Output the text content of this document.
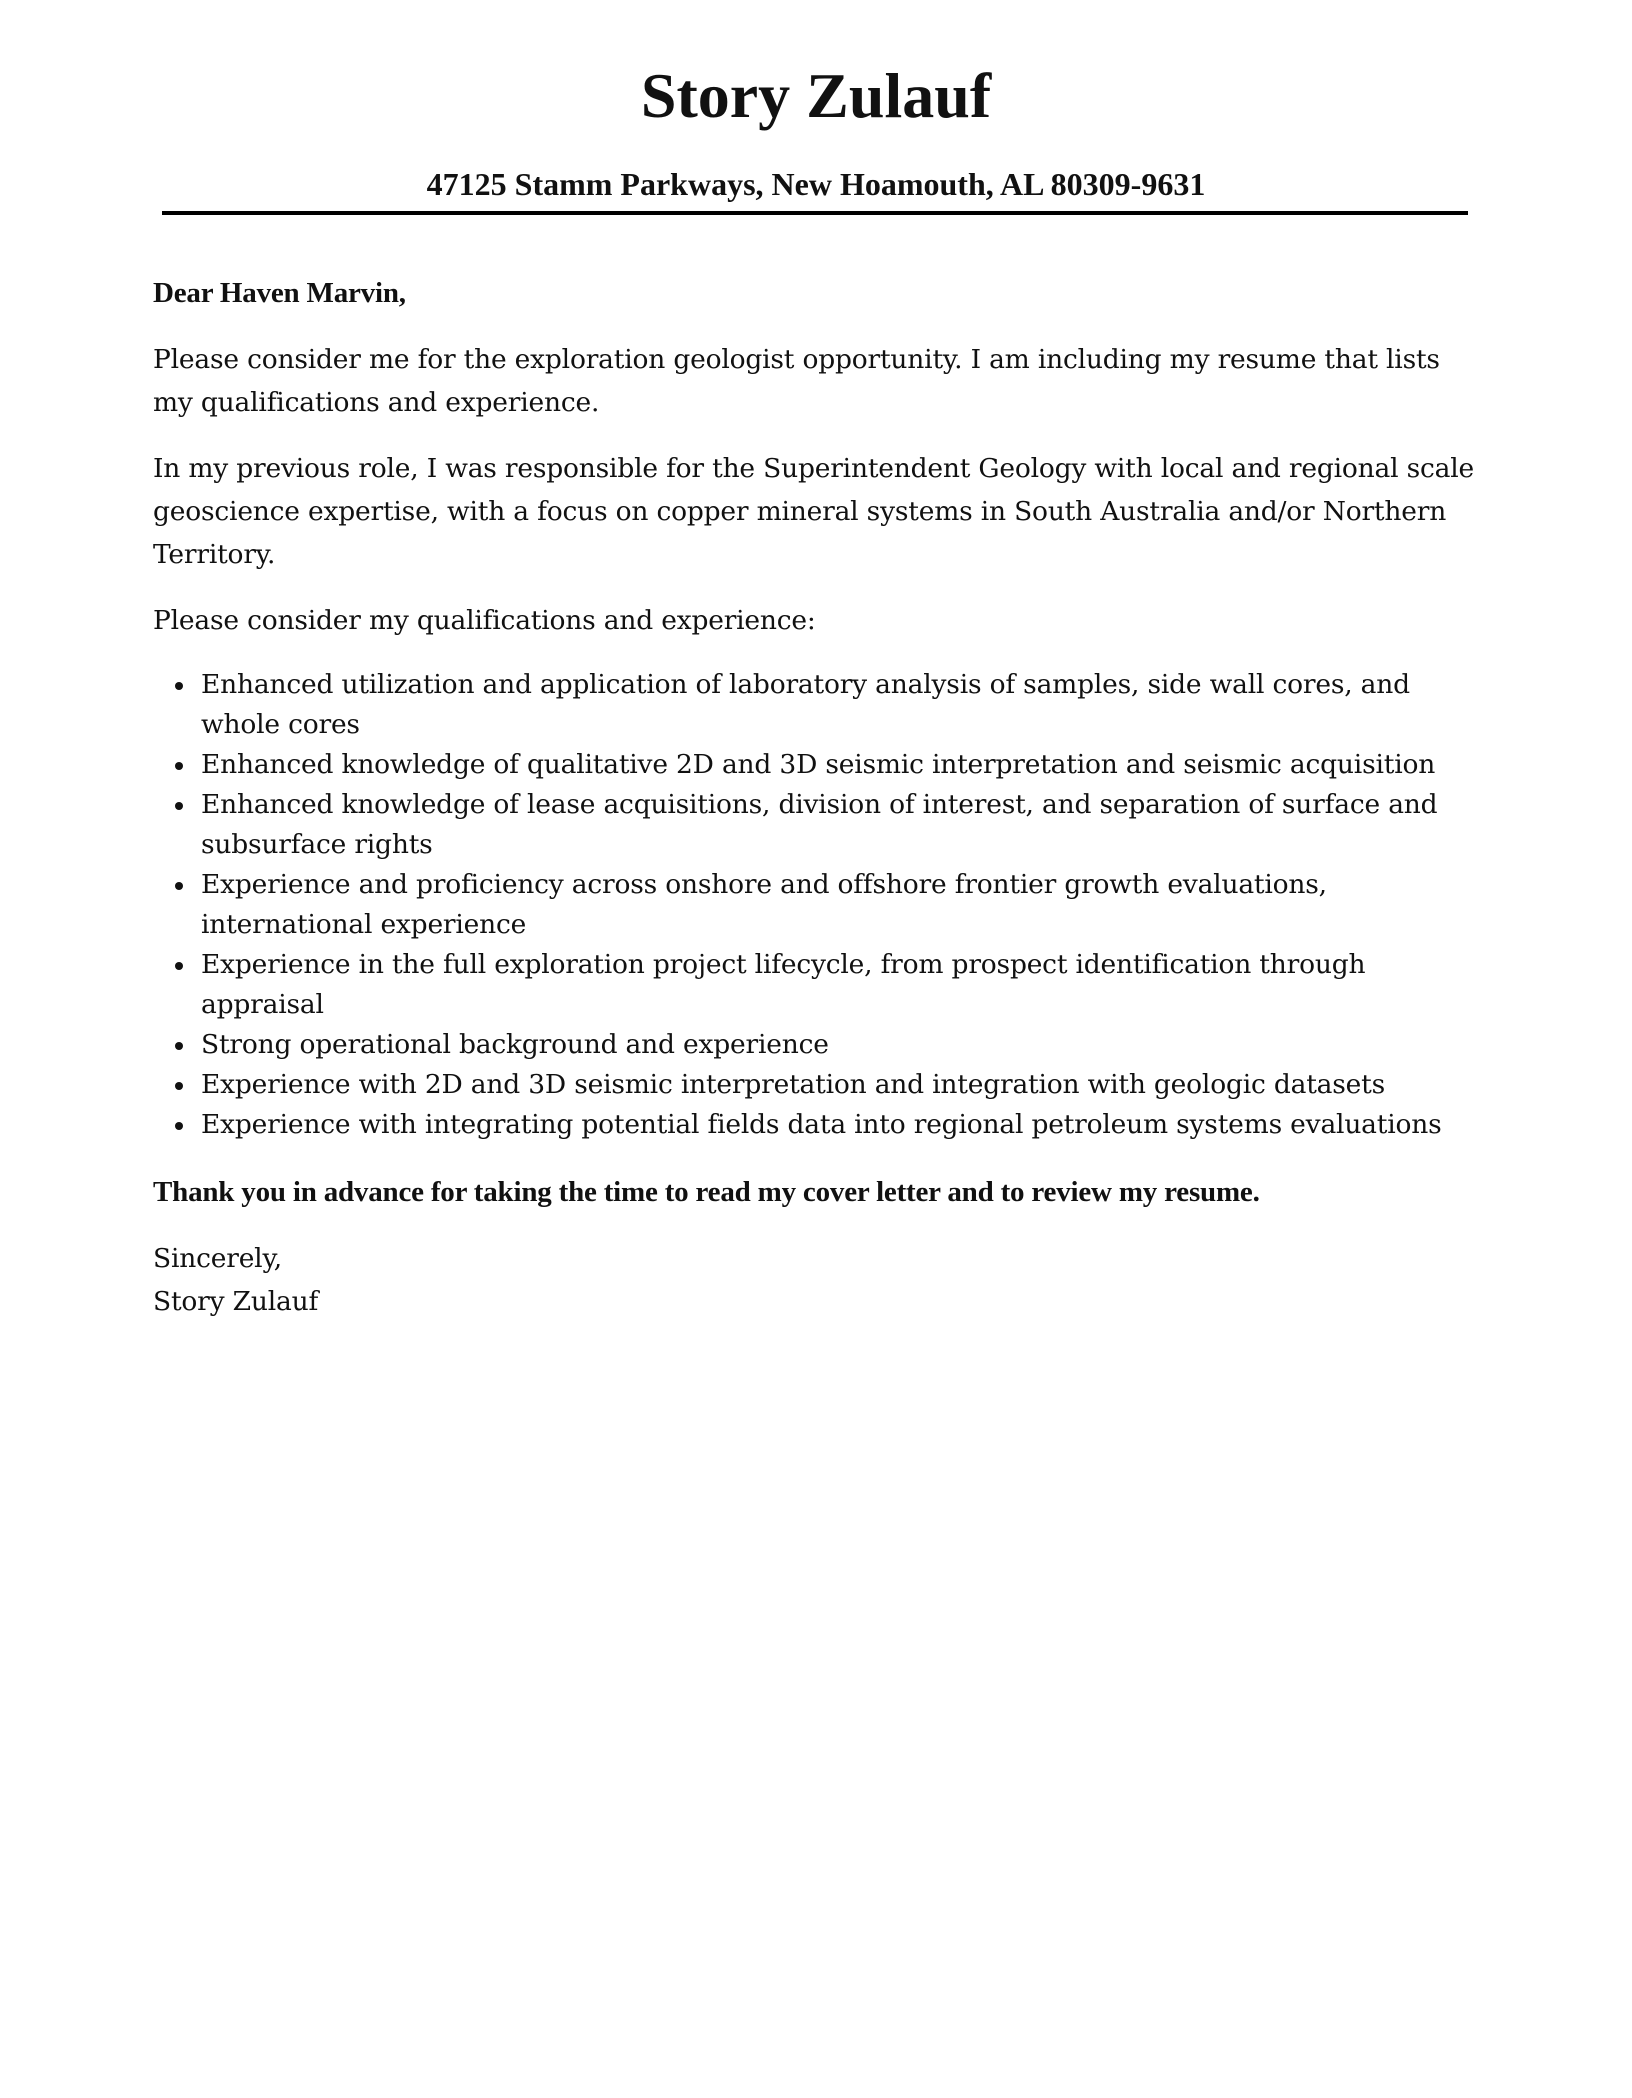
Story Zulauf

47125 Stamm Parkways, New Hoamouth, AL 80309-9631

Dear Haven Marvin,

Please consider me for the exploration geologist opportunity. I am including my resume that lists my qualifications and experience.

In my previous role, I was responsible for the Superintendent Geology with local and regional scale geoscience expertise, with a focus on copper mineral systems in South Australia and/or Northern Territory.

Please consider my qualifications and experience:

Enhanced utilization and application of laboratory analysis of samples, side wall cores, and whole cores
Enhanced knowledge of qualitative 2D and 3D seismic interpretation and seismic acquisition
Enhanced knowledge of lease acquisitions, division of interest, and separation of surface and subsurface rights
Experience and proficiency across onshore and offshore frontier growth evaluations, international experience
Experience in the full exploration project lifecycle, from prospect identification through appraisal
Strong operational background and experience
Experience with 2D and 3D seismic interpretation and integration with geologic datasets
Experience with integrating potential fields data into regional petroleum systems evaluations

Thank you in advance for taking the time to read my cover letter and to review my resume.

Sincerely,

Story Zulauf
